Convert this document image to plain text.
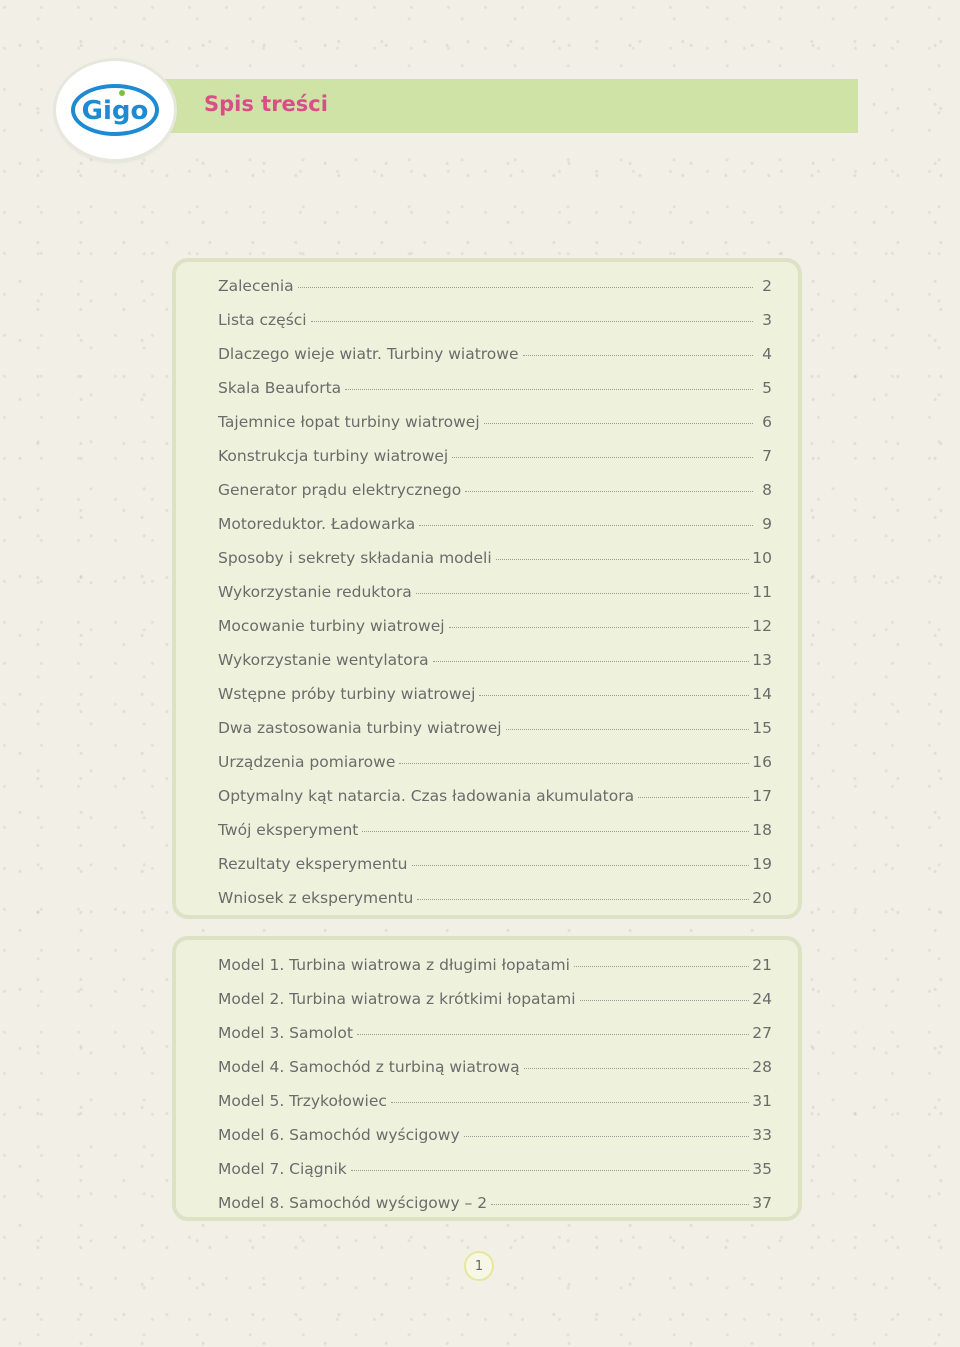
Gigo	Spis treści
Zalecenia	2
Lista części	3
Dlaczego wieje wiatr. Turbiny wiatrowe	4
Skala Beauforta	5
Tajemnice łopat turbiny wiatrowej	6
Konstrukcja turbiny wiatrowej	7
Generator prądu elektrycznego	8
Motoreduktor. Ładowarka	9
Sposoby i sekrety składania modeli	10
Wykorzystanie reduktora	11
Mocowanie turbiny wiatrowej	12
Wykorzystanie wentylatora	13
Wstępne próby turbiny wiatrowej	14
Dwa zastosowania turbiny wiatrowej	15
Urządzenia pomiarowe	16
Optymalny kąt natarcia. Czas ładowania akumulatora	17
Twój eksperyment	18
Rezultaty eksperymentu	19
Wniosek z eksperymentu	20
Model 1. Turbina wiatrowa z długimi łopatami	21
Model 2. Turbina wiatrowa z krótkimi łopatami	24
Model 3. Samolot	27
Model 4. Samochód z turbiną wiatrową	28
Model 5. Trzykołowiec	31
Model 6. Samochód wyścigowy	33
Model 7. Ciągnik	35
Model 8. Samochód wyścigowy – 2	37
1
